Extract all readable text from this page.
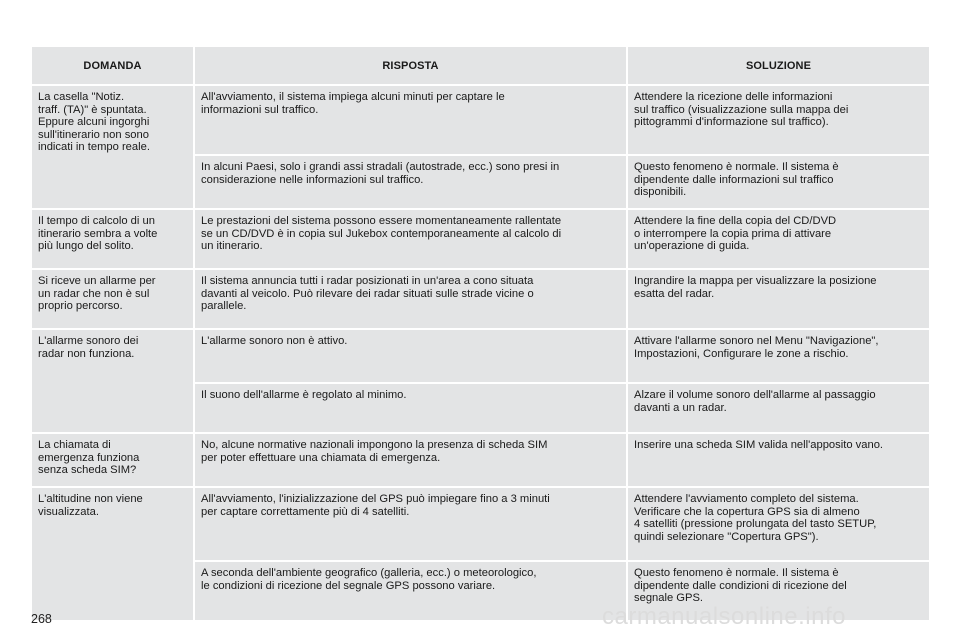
DOMANDA	RISPOSTA	SOLUZIONE
La casella "Notiz.
traff. (TA)" è spuntata.
Eppure alcuni ingorghi
sull'itinerario non sono
indicati in tempo reale.	All'avviamento, il sistema impiega alcuni minuti per captare le
informazioni sul traffico.	Attendere la ricezione delle informazioni
sul traffico (visualizzazione sulla mappa dei
pittogrammi d'informazione sul traffico).
	In alcuni Paesi, solo i grandi assi stradali (autostrade, ecc.) sono presi in
considerazione nelle informazioni sul traffico.	Questo fenomeno è normale. Il sistema è
dipendente dalle informazioni sul traffico
disponibili.
Il tempo di calcolo di un
itinerario sembra a volte
più lungo del solito.	Le prestazioni del sistema possono essere momentaneamente rallentate
se un CD/DVD è in copia sul Jukebox contemporaneamente al calcolo di
un itinerario.	Attendere la fine della copia del CD/DVD
o interrompere la copia prima di attivare
un'operazione di guida.
Si riceve un allarme per
un radar che non è sul
proprio percorso.	Il sistema annuncia tutti i radar posizionati in un'area a cono situata
davanti al veicolo. Può rilevare dei radar situati sulle strade vicine o
parallele.	Ingrandire la mappa per visualizzare la posizione
esatta del radar.
L'allarme sonoro dei
radar non funziona.	L'allarme sonoro non è attivo.	Attivare l'allarme sonoro nel Menu "Navigazione",
Impostazioni, Configurare le zone a rischio.
	Il suono dell'allarme è regolato al minimo.	Alzare il volume sonoro dell'allarme al passaggio
davanti a un radar.
La chiamata di
emergenza funziona
senza scheda SIM?	No, alcune normative nazionali impongono la presenza di scheda SIM
per poter effettuare una chiamata di emergenza.	Inserire una scheda SIM valida nell'apposito vano.
L'altitudine non viene
visualizzata.	All'avviamento, l'inizializzazione del GPS può impiegare fino a 3 minuti
per captare correttamente più di 4 satelliti.	Attendere l'avviamento completo del sistema.
Verificare che la copertura GPS sia di almeno
4 satelliti (pressione prolungata del tasto SETUP,
quindi selezionare "Copertura GPS").
	A seconda dell'ambiente geografico (galleria, ecc.) o meteorologico,
le condizioni di ricezione del segnale GPS possono variare.	Questo fenomeno è normale. Il sistema è
dipendente dalle condizioni di ricezione del
segnale GPS.
268	carmanualsonline.info
